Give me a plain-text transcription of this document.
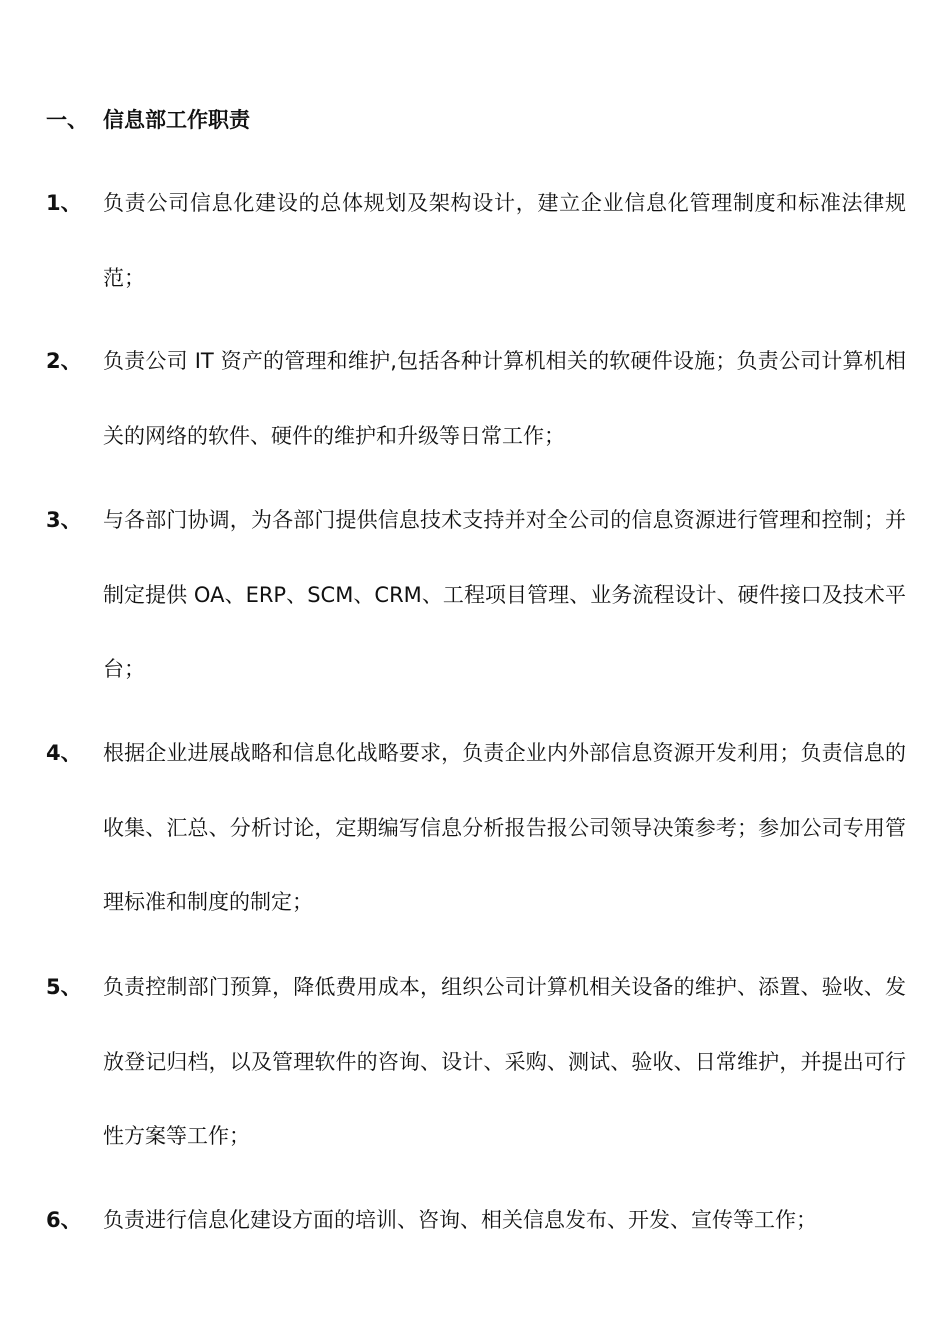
一、 信息部工作职责
1、	负责公司信息化建设的总体规划及架构设计，建立企业信息化管理制度和标准法律规范；
2、	负责公司 IT 资产的管理和维护,包括各种计算机相关的软硬件设施；负责公司计算机相关的网络的软件、硬件的维护和升级等日常工作；
3、	与各部门协调，为各部门提供信息技术支持并对全公司的信息资源进行管理和控制；并制定提供 OA、ERP、SCM、CRM、工程项目管理、业务流程设计、硬件接口及技术平台；
4、	根据企业进展战略和信息化战略要求，负责企业内外部信息资源开发利用；负责信息的收集、汇总、分析讨论，定期编写信息分析报告报公司领导决策参考；参加公司专用管理标准和制度的制定；
5、	负责控制部门预算，降低费用成本，组织公司计算机相关设备的维护、添置、验收、发放登记归档，以及管理软件的咨询、设计、采购、测试、验收、日常维护，并提出可行性方案等工作；
6、	负责进行信息化建设方面的培训、咨询、相关信息发布、开发、宣传等工作；
